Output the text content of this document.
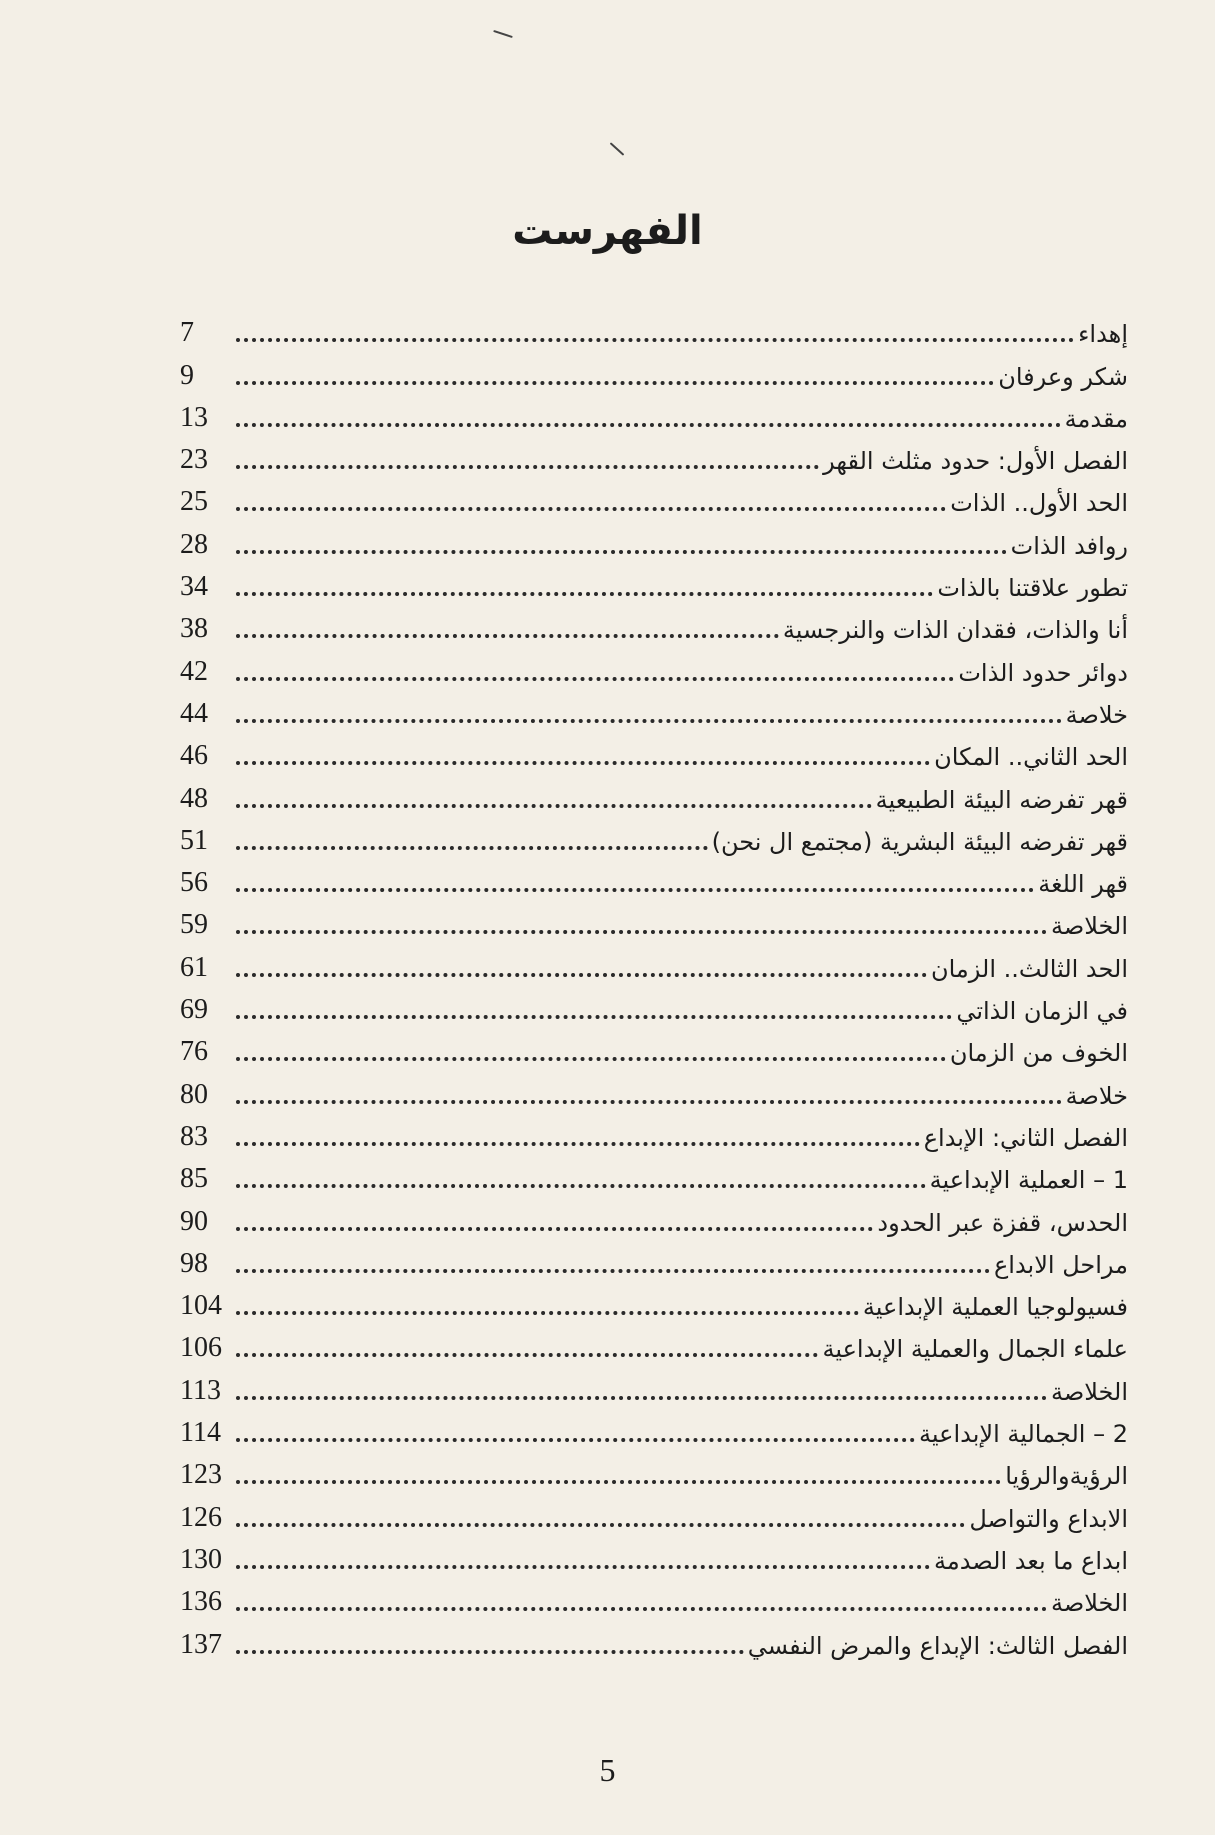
الفهرست
إهداء
7
شكر وعرفان
9
مقدمة
13
الفصل الأول: حدود مثلث القهر
23
الحد الأول.. الذات
25
روافد الذات
28
تطور علاقتنا بالذات
34
أنا والذات، فقدان الذات والنرجسية
38
دوائر حدود الذات
42
خلاصة
44
الحد الثاني.. المكان
46
قهر تفرضه البيئة الطبيعية
48
قهر تفرضه البيئة البشرية (مجتمع ال نحن)
51
قهر اللغة
56
الخلاصة
59
الحد الثالث.. الزمان
61
في الزمان الذاتي
69
الخوف من الزمان
76
خلاصة
80
الفصل الثاني: الإبداع
83
1 – العملية الإبداعية
85
الحدس، قفزة عبر الحدود
90
مراحل الابداع
98
فسيولوجيا العملية الإبداعية
104
علماء الجمال والعملية الإبداعية
106
الخلاصة
113
2 – الجمالية الإبداعية
114
الرؤيةوالرؤيا
123
الابداع والتواصل
126
ابداع ما بعد الصدمة
130
الخلاصة
136
الفصل الثالث: الإبداع والمرض النفسي
137
5
